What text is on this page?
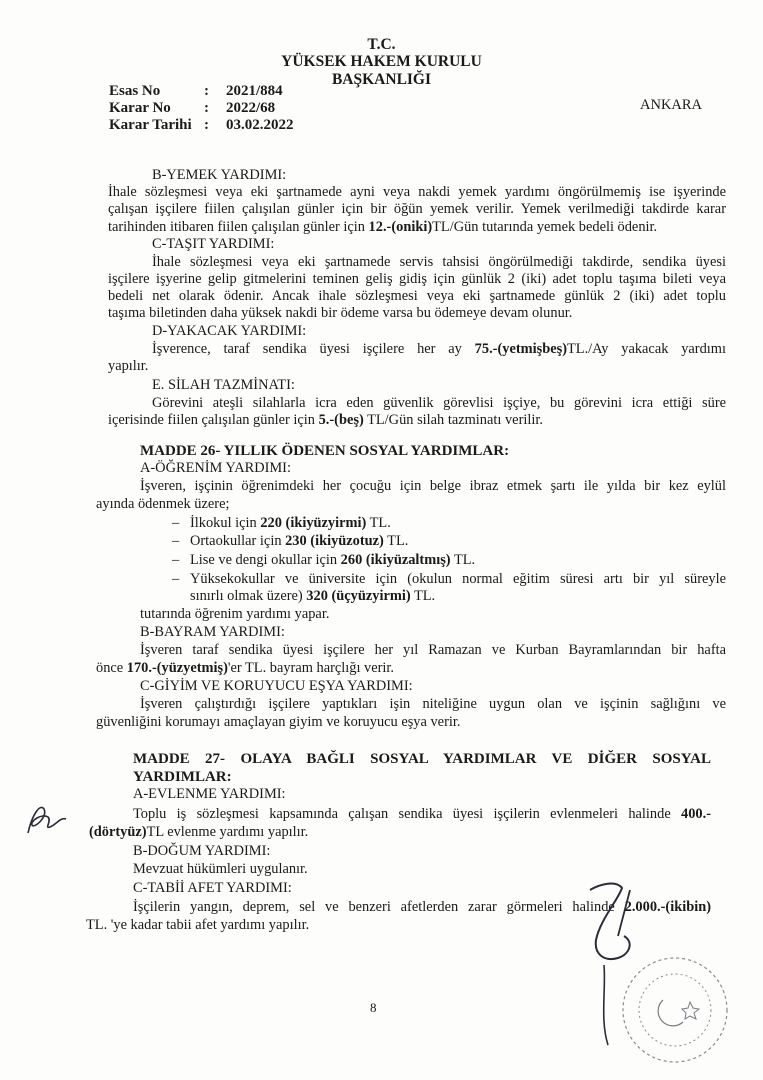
T.C.
YÜKSEK HAKEM KURULU
BAŞKANLIĞI
Esas No	: 2021/884
Karar No : 2022/68
Karar Tarihi : 03.02.2022
ANKARA
B-YEMEK YARDIMI:
İhale sözleşmesi veya eki şartnamede ayni veya nakdi yemek yardımı öngörülmemiş ise işyerinde
çalışan işçilere fiilen çalışılan günler için bir öğün yemek verilir. Yemek verilmediği takdirde karar
tarihinden itibaren fiilen çalışılan günler için 12.-(oniki)TL/Gün tutarında yemek bedeli ödenir.
C-TAŞIT YARDIMI:
İhale sözleşmesi veya eki şartnamede servis tahsisi öngörülmediği takdirde, sendika üyesi
işçilere işyerine gelip gitmelerini teminen geliş gidiş için günlük 2 (iki) adet toplu taşıma bileti veya
bedeli net olarak ödenir. Ancak ihale sözleşmesi veya eki şartnamede günlük 2 (iki) adet toplu
taşıma biletinden daha yüksek nakdi bir ödeme varsa bu ödemeye devam olunur.
D-YAKACAK YARDIMI:
İşverence, taraf sendika üyesi işçilere her ay 75.-(yetmişbeş)TL./Ay yakacak yardımı
yapılır.
E. SİLAH TAZMİNATI:
Görevini ateşli silahlarla icra eden güvenlik görevlisi işçiye, bu görevini icra ettiği süre
içerisinde fiilen çalışılan günler için 5.-(beş) TL/Gün silah tazminatı verilir.
MADDE 26- YILLIK ÖDENEN SOSYAL YARDIMLAR:
A-ÖĞRENİM YARDIMI:
İşveren, işçinin öğrenimdeki her çocuğu için belge ibraz etmek şartı ile yılda bir kez eylül
ayında ödenmek üzere;
– İlkokul için 220 (ikiyüzyirmi) TL.
– Ortaokullar için 230 (ikiyüzotuz) TL.
– Lise ve dengi okullar için 260 (ikiyüzaltmış) TL.
– Yüksekokullar ve üniversite için (okulun normal eğitim süresi artı bir yıl süreyle
sınırlı olmak üzere) 320 (üçyüzyirmi) TL.
tutarında öğrenim yardımı yapar.
B-BAYRAM YARDIMI:
İşveren taraf sendika üyesi işçilere her yıl Ramazan ve Kurban Bayramlarından bir hafta
önce 170.-(yüzyetmiş)'er TL. bayram harçlığı verir.
C-GİYİM VE KORUYUCU EŞYA YARDIMI:
İşveren çalıştırdığı işçilere yaptıkları işin niteliğine uygun olan ve işçinin sağlığını ve
güvenliğini korumayı amaçlayan giyim ve koruyucu eşya verir.
MADDE 27- OLAYA BAĞLI SOSYAL YARDIMLAR VE DİĞER SOSYAL
YARDIMLAR:
A-EVLENME YARDIMI:
Toplu iş sözleşmesi kapsamında çalışan sendika üyesi işçilerin evlenmeleri halinde 400.-
(dörtyüz)TL evlenme yardımı yapılır.
B-DOĞUM YARDIMI:
Mevzuat hükümleri uygulanır.
C-TABİİ AFET YARDIMI:
İşçilerin yangın, deprem, sel ve benzeri afetlerden zarar görmeleri halinde 2.000.-(ikibin)
TL. 'ye kadar tabii afet yardımı yapılır.
8
